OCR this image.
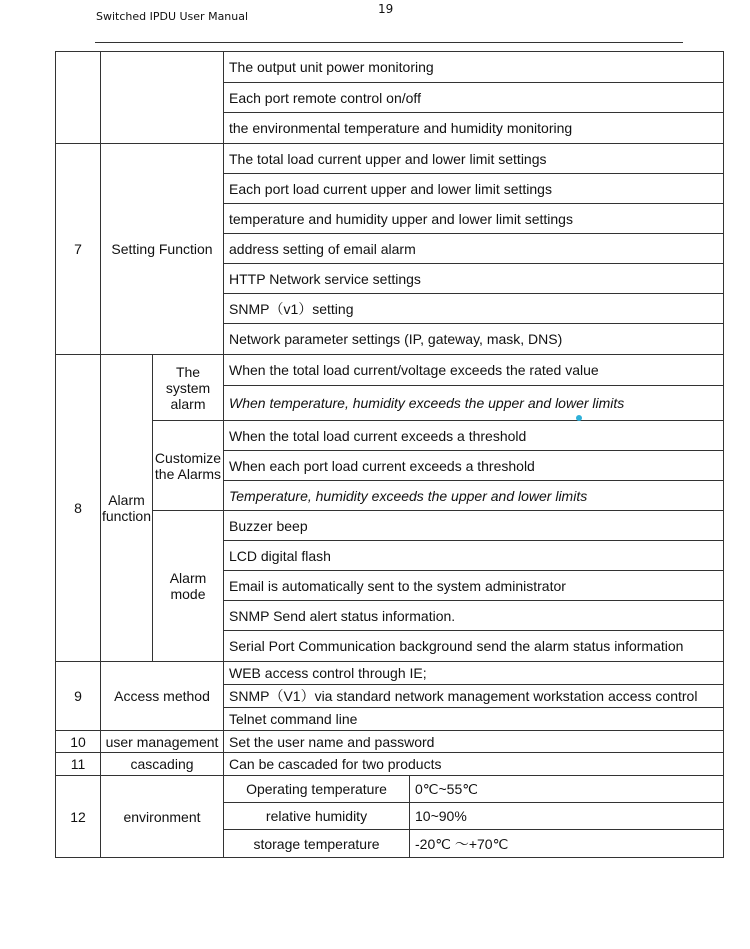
19
Switched IPDU User Manual
			The output unit power monitoring	
			Each port remote control on/off	
			the environmental temperature and humidity monitoring	
7	Setting Function		The total load current upper and lower limit settings	
			Each port load current upper and lower limit settings	
			temperature and humidity upper and lower limit settings	
			address setting of email alarm	
			HTTP Network service settings	
			SNMP（v1）setting	
			Network parameter settings (IP, gateway, mask, DNS)	
8	Alarm function	The system alarm	When the total load current/voltage exceeds the rated value	
			When temperature, humidity exceeds the upper and lower limits	
		Customize the Alarms	When the total load current exceeds a threshold	
			When each port load current exceeds a threshold	
			Temperature, humidity exceeds the upper and lower limits	
		Alarm mode	Buzzer beep	
			LCD digital flash	
			Email is automatically sent to the system administrator	
			SNMP Send alert status information.	
			Serial Port Communication background send the alarm status information	
9	Access method		WEB access control through IE;	
			SNMP（V1）via standard network management workstation access control	
			Telnet command line	
10	user management		Set the user name and password	
11	cascading		Can be cascaded for two products	
12	environment		Operating temperature	0℃~55℃
			relative humidity	10~90%
			storage temperature	-20℃ ～+70℃
